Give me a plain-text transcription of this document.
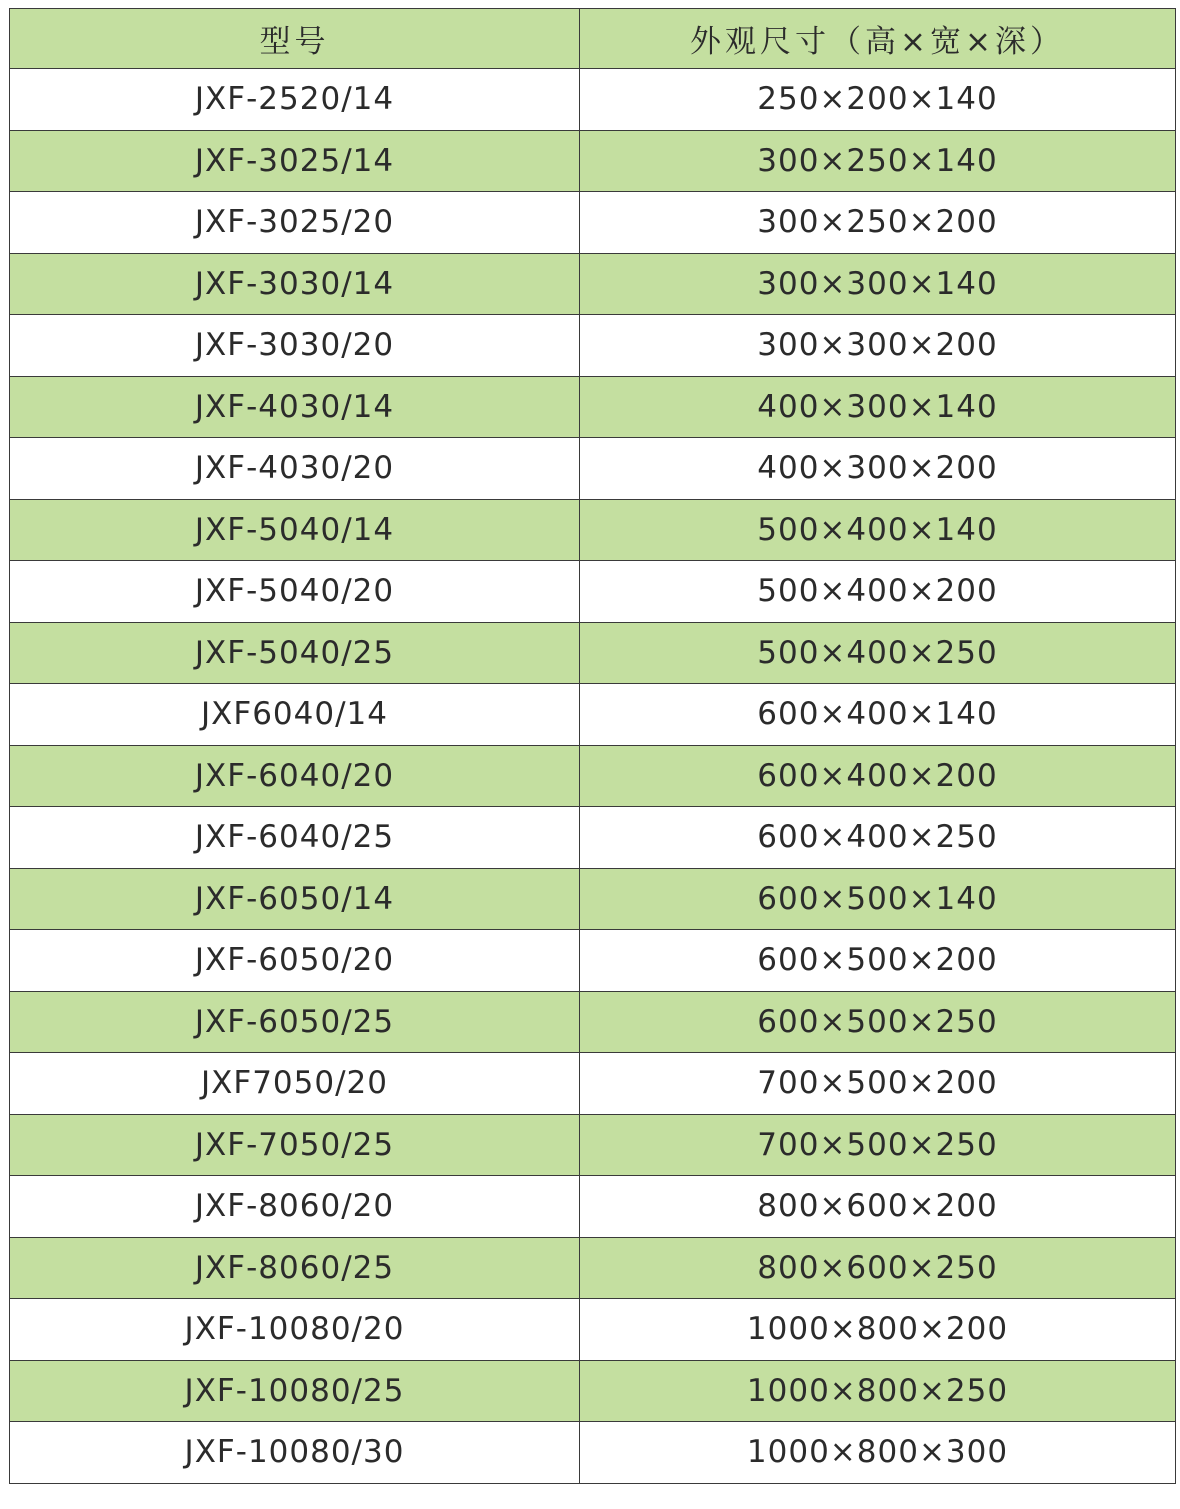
型号	外观尺寸（高×宽×深）
JXF-2520/14	250×200×140
JXF-3025/14	300×250×140
JXF-3025/20	300×250×200
JXF-3030/14	300×300×140
JXF-3030/20	300×300×200
JXF-4030/14	400×300×140
JXF-4030/20	400×300×200
JXF-5040/14	500×400×140
JXF-5040/20	500×400×200
JXF-5040/25	500×400×250
JXF6040/14	600×400×140
JXF-6040/20	600×400×200
JXF-6040/25	600×400×250
JXF-6050/14	600×500×140
JXF-6050/20	600×500×200
JXF-6050/25	600×500×250
JXF7050/20	700×500×200
JXF-7050/25	700×500×250
JXF-8060/20	800×600×200
JXF-8060/25	800×600×250
JXF-10080/20	1000×800×200
JXF-10080/25	1000×800×250
JXF-10080/30	1000×800×300
